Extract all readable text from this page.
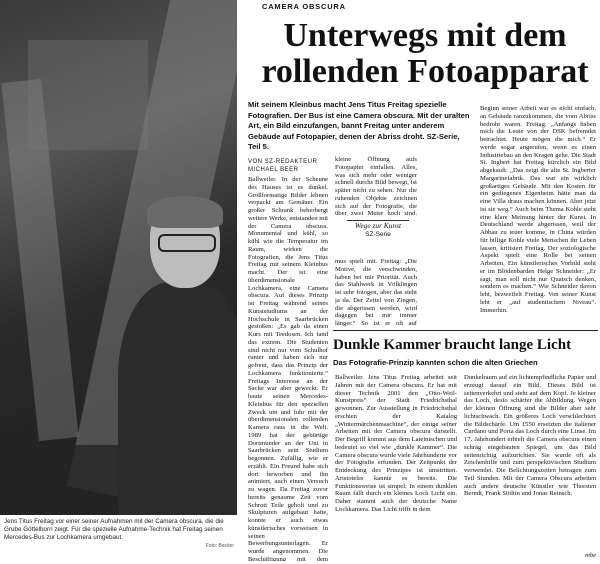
Jens Titus Freitag vor einer seiner Aufnahmen mit der Camera obscura, die die Grube Göttelborn zeigt. Für die spezielle Aufnahme-Technik hat Freitag seinen Mercedes-Bus zur Lochkamera umgebaut.
Foto: Becker
CAMERA OBSCURA
Unterwegs mit dem rollenden Fotoapparat

Mit seinem Kleinbus macht Jens Titus Freitag spezielle Fotografien. Der Bus ist eine Camera obscura. Mit der uralten Art, ein Bild einzufangen, bannt Freitag unter anderem Gebäude auf Fotopapier, denen der Abriss droht. SZ-Serie, Teil 5.

VON SZ-REDAKTEUR
MICHAEL BEER

Ballweiler. In der Scheune des Hauses ist es dunkel. Großformatige Bilder lehnen verpackt am Gemäuer. Ein großer Schrank beherbergt weitere Werke, entstanden mit der Camera obscura. Monumental und kühl, so kühl wie die Temperatur im Raum, wirken die Fotografien, die Jens Titus Freitag mit seinem Kleinbus macht. Der ist eine überdimensionale Lochkamera, eine Camera obscura. Auf dieses Prinzip ist Freitag während seines Kunststudiums an der Hochschule in Saarbrücken gestoßen: „Es gab da einen Kurs mit Teedosen. Ich fand das extrem. Die Studenten sind nicht nur vom Schulhof runter und haben sich nur gefreut, dass das Prinzip der Lochkamera funktionierte.“ Freitags Interesse an der Sache war aber geweckt. Er baute seinen Mercedes-Kleinbus für den speziellen Zweck um und fuhr mit der überdimensionalen rollenden Kamera raus in die Welt. 1989 hat der gebürtige Dortmunder an der Uni in Saarbrücken sein Studium begonnen. Zufällig, wie er erzählt. Ein Freund habe sich dort beworben und ihn animiert, auch einen Versuch zu wagen. Da Freitag zuvor bereits genaume Zeit vom Schrott Teile geholt und zu Skulpturen aufgebaut hatte, konnte er auch etwas künstlerisches vorweisen in seinen Bewerbungsunterlagen. Er wurde angenommen. Die Beschäftigung mit dem

kleine Öffnung aufs Fotopapier einfallen. Alles, was sich mehr oder weniger schnell durchs Bild bewegt, ist später nicht zu sehen. Nur die ruhenden Objekte zeichnen sich auf der Fotografie, die über zwei Meter hoch sind.

Wege zur Kunst
SZ-Serie

mus spielt mit. Freitag: „Die Motive, die verschwinden, haben bei mir Priorität. Auch das Stahlwerk in Völklingen ist sehr fotogen, aber das steht ja da. Der Zettel von Zingen, die abgerissen werden, wird dagegen bei mir immer länger.“ So ist er oft auf

Beginn seiner Arbeit war es nicht einfach, an Gebäude ranzukommen, die vom Abriss bedroht waren. Freitag: „Anfangs haben mich die Leute von der DSK befremdet betrachtet. Heute mögen die mich.“ Er werde sogar angerufen, wenn es einen Industriebau an den Kragen gehe. Die Stadt St. Ingbert hat Freitag kürzlich ein Bild abgekauft: „Das zeigt die alte St. Ingberter Margarinefabrik. Das war ein wirklich großartiges Gebäude. Mit den Kosten für ein gediegenes Eigenheim hätte man da eine Villa draus machen können. Aber jetzt ist sie weg.“ Auch beim Thema Kohle steht eine klare Meinung hinter der Kunst. In Deutschland werde abgerissen, weil der Abbau zu teuer komme, in China würden für billige Kohle viele Menschen ihr Leben lassen, kritisiert Freitag. Der soziologische Aspekt spielt eine Rolle bei seinen Arbeiten. Ein künstlerisches Vorbild steht er im Blödenbarden Helge Schneider: „Er sagt, man soll nicht nur Quatsch denken, sondern es machen.“ Wie Schneider davon lebt, bezweifelt Freitag. Von seiner Kunst lebt er „auf studentischem Niveau“. Immerhin.

Dunkle Kammer braucht lange Licht

Das Fotografie-Prinzip kannten schon die alten Griechen

Ballweiler. Jens Titus Freitag arbeitet seit Jahren mit der Camera obscura. Er hat mit dieser Technik 2001 den „Otto-Weil-Kunstpreis“ der Stadt Friedrichsthal gewonnen. Zur Ausstellung in Friedrichsthal erschien der Katalog „Wintermärchenmaschine“, der einige seiner Arbeiten mit der Camera obscura darstellt. Der Begriff kommt aus dem Lateinischen und bedeutet so viel wie „dunkle Kammer“. Die Camera obscura wurde viele Jahrhunderte vor der Fotografie erfunden. Der Zeitpunkt der Entdeckung des Prinzipes ist umstritten. Aristoteles kannte es bereits. Die Funktionsweise ist simpel: In einem dunklen Raum fällt durch ein kleines Loch Licht ein. Daher stammt auch der deutsche Name Lochkamera. Das Licht trifft in dem

Dunkelraum auf ein lichtempfindliche Papier und erzeugt darauf ein Bild. Dieses Bild ist seitenverkehrt und steht auf dem Kopf. Je kleiner das Loch, desto schärfer die Abbildung. Wegen der kleinen Öffnung sind die Bilder aber sehr lichtschwach. Ein größeres Loch verschlechtert die Bildschärfe. Um 1550 ersetzten die italiener Cardano und Porta das Loch durch eine Linse. Im 17. Jahrhundert erhielt die Camera obscura einen schräg eingebauten Spiegel, um das Bild seitenrichtig aufzurichten. Sie wurde oft als Zeichenhilfe und zum perspektivischen Studium verwendet. Die Belichtungszeiten betragen zum Teil Stunden. Mit der Camera Obscura arbeiten auch andere deutsche Künstler wie Thorsten Berndt, Frank Stöltin und Jonas Reinsch.

mbe
